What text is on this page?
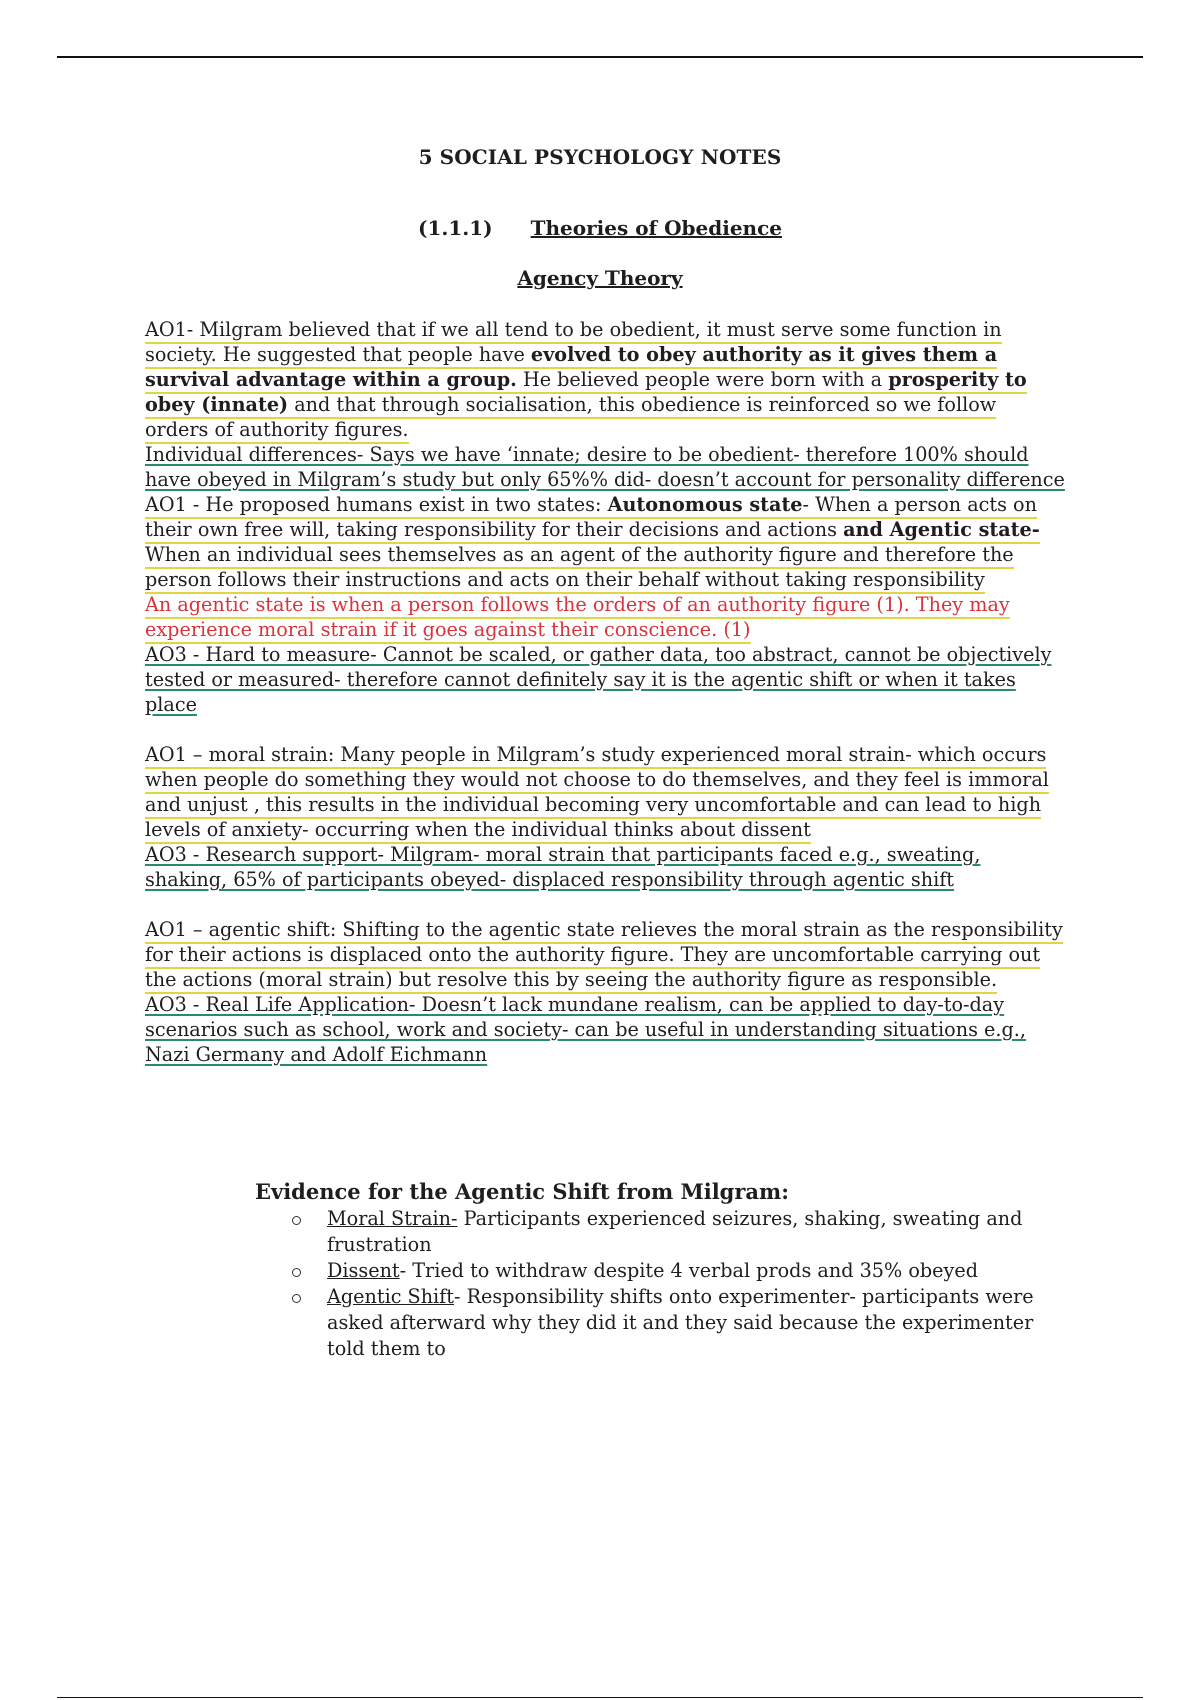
5 SOCIAL PSYCHOLOGY NOTES
(1.1.1) Theories of Obedience
Agency Theory

AO1- Milgram believed that if we all tend to be obedient, it must serve some function in society. He suggested that people have evolved to obey authority as it gives them a survival advantage within a group. He believed people were born with a prosperity to obey (innate) and that through socialisation, this obedience is reinforced so we follow orders of authority figures.

Individual differences- Says we have ‘innate; desire to be obedient- therefore 100% should have obeyed in Milgram’s study but only 65%% did- doesn’t account for personality difference

AO1 - He proposed humans exist in two states: Autonomous state- When a person acts on their own free will, taking responsibility for their decisions and actions and Agentic state- When an individual sees themselves as an agent of the authority figure and therefore the person follows their instructions and acts on their behalf without taking responsibility

An agentic state is when a person follows the orders of an authority figure (1). They may experience moral strain if it goes against their conscience. (1)

AO3 - Hard to measure- Cannot be scaled, or gather data, too abstract, cannot be objectively tested or measured- therefore cannot definitely say it is the agentic shift or when it takes place

AO1 – moral strain: Many people in Milgram’s study experienced moral strain- which occurs when people do something they would not choose to do themselves, and they feel is immoral and unjust , this results in the individual becoming very uncomfortable and can lead to high levels of anxiety- occurring when the individual thinks about dissent

AO3 - Research support- Milgram- moral strain that participants faced e.g., sweating, shaking, 65% of participants obeyed- displaced responsibility through agentic shift

AO1 – agentic shift: Shifting to the agentic state relieves the moral strain as the responsibility for their actions is displaced onto the authority figure. They are uncomfortable carrying out the actions (moral strain) but resolve this by seeing the authority figure as responsible.

AO3 - Real Life Application- Doesn’t lack mundane realism, can be applied to day-to-day scenarios such as school, work and society- can be useful in understanding situations e.g., Nazi Germany and Adolf Eichmann

Evidence for the Agentic Shift from Milgram:
Moral Strain- Participants experienced seizures, shaking, sweating and frustration
Dissent- Tried to withdraw despite 4 verbal prods and 35% obeyed
Agentic Shift- Responsibility shifts onto experimenter- participants were asked afterward why they did it and they said because the experimenter told them to
